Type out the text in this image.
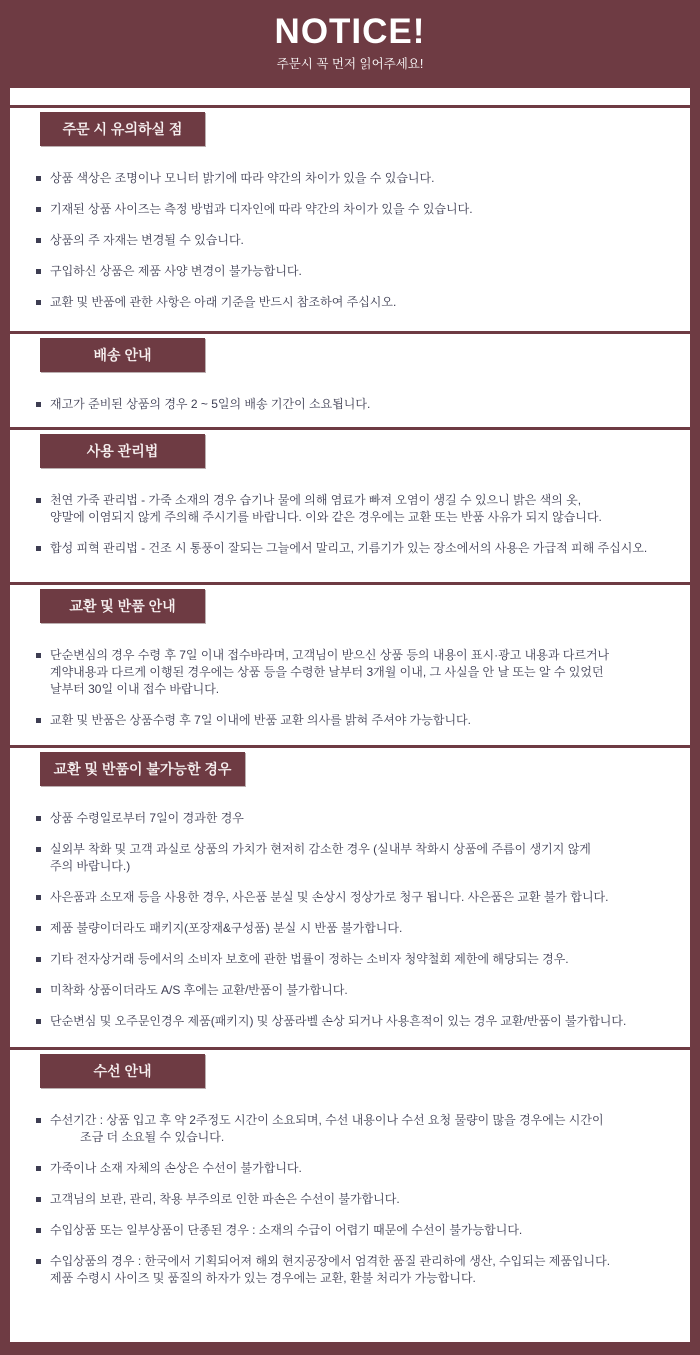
NOTICE!

주문시 꼭 먼저 읽어주세요!

주문 시 유의하실 점
상품 색상은 조명이나 모니터 밝기에 따라 약간의 차이가 있을 수 있습니다.
기재된 상품 사이즈는 측정 방법과 디자인에 따라 약간의 차이가 있을 수 있습니다.
상품의 주 자재는 변경될 수 있습니다.
구입하신 상품은 제품 사양 변경이 불가능합니다.
교환 및 반품에 관한 사항은 아래 기준을 반드시 참조하여 주십시오.
배송 안내
재고가 준비된 상품의 경우 2 ~ 5일의 배송 기간이 소요됩니다.
사용 관리법
천연 가죽 관리법 - 가죽 소재의 경우 습기나 물에 의해 염료가 빠져 오염이 생길 수 있으니 밝은 색의 옷,
양말에 이염되지 않게 주의해 주시기를 바랍니다. 이와 같은 경우에는 교환 또는 반품 사유가 되지 않습니다.
합성 피혁 관리법 - 건조 시 통풍이 잘되는 그늘에서 말리고, 기름기가 있는 장소에서의 사용은 가급적 피해 주십시오.
교환 및 반품 안내
단순변심의 경우 수령 후 7일 이내 접수바라며, 고객님이 받으신 상품 등의 내용이 표시·광고 내용과 다르거나
계약내용과 다르게 이행된 경우에는 상품 등을 수령한 날부터 3개월 이내, 그 사실을 안 날 또는 알 수 있었던
날부터 30일 이내 접수 바랍니다.
교환 및 반품은 상품수령 후 7일 이내에 반품 교환 의사를 밝혀 주셔야 가능합니다.
교환 및 반품이 불가능한 경우
상품 수령일로부터 7일이 경과한 경우
실외부 착화 및 고객 과실로 상품의 가치가 현저히 감소한 경우 (실내부 착화시 상품에 주름이 생기지 않게
주의 바랍니다.)
사은품과 소모재 등을 사용한 경우, 사은품 분실 및 손상시 정상가로 청구 됩니다. 사은품은 교환 불가 합니다.
제품 불량이더라도 패키지(포장재&구성품) 분실 시 반품 불가합니다.
기타 전자상거래 등에서의 소비자 보호에 관한 법률이 정하는 소비자 청약철회 제한에 해당되는 경우.
미착화 상품이더라도 A/S 후에는 교환/반품이 불가합니다.
단순변심 및 오주문인경우 제품(패키지) 및 상품라벨 손상 되거나 사용흔적이 있는 경우 교환/반품이 불가합니다.
수선 안내
수선기간 : 상품 입고 후 약 2주정도 시간이 소요되며, 수선 내용이나 수선 요청 물량이 많을 경우에는 시간이
조금 더 소요될 수 있습니다.
가죽이나 소재 자체의 손상은 수선이 불가합니다.
고객님의 보관, 관리, 착용 부주의로 인한 파손은 수선이 불가합니다.
수입상품 또는 일부상품이 단종된 경우 : 소재의 수급이 어렵기 때문에 수선이 불가능합니다.
수입상품의 경우 : 한국에서 기획되어져 해외 현지공장에서 엄격한 품질 관리하에 생산, 수입되는 제품입니다.
제품 수령시 사이즈 및 품질의 하자가 있는 경우에는 교환, 환불 처리가 가능합니다.
